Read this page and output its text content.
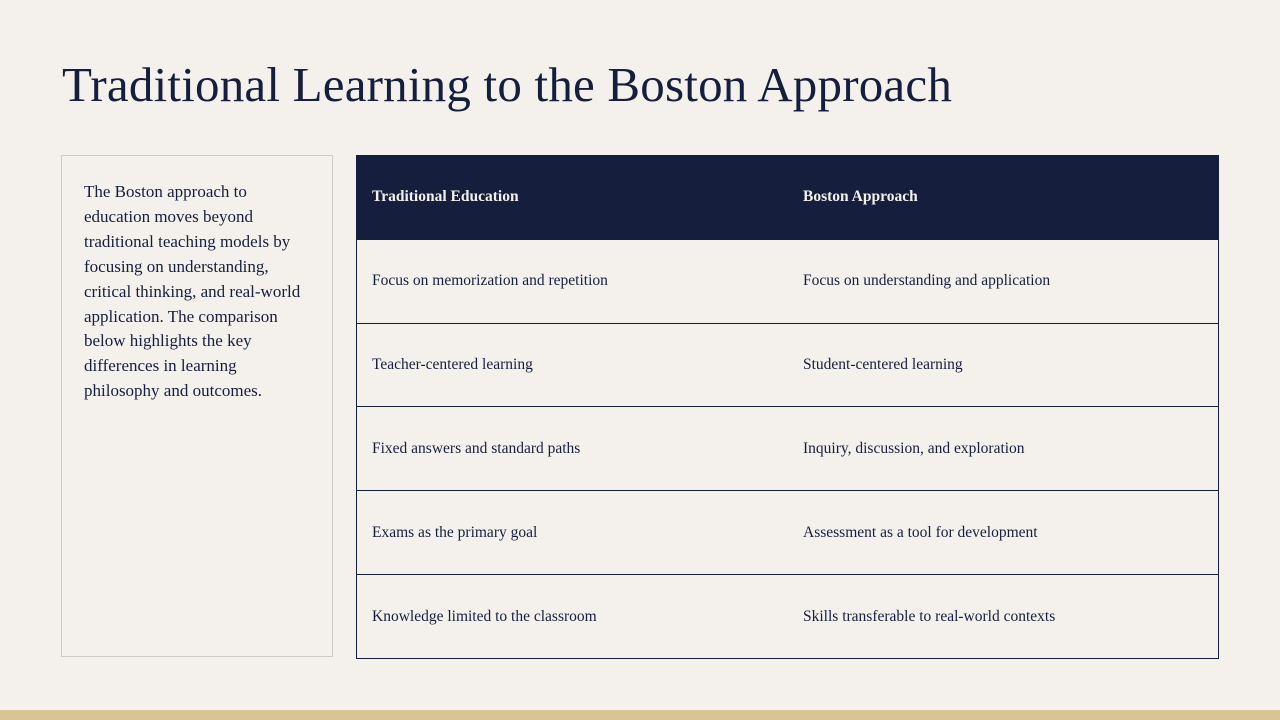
Traditional Learning to the Boston Approach

The Boston approach to education moves beyond traditional teaching models by focusing on understanding, critical thinking, and real-world application. The comparison below highlights the key differences in learning philosophy and outcomes.

Traditional Education	Boston Approach
Focus on memorization and repetition	Focus on understanding and application
Teacher-centered learning	Student-centered learning
Fixed answers and standard paths	Inquiry, discussion, and exploration
Exams as the primary goal	Assessment as a tool for development
Knowledge limited to the classroom	Skills transferable to real-world contexts
